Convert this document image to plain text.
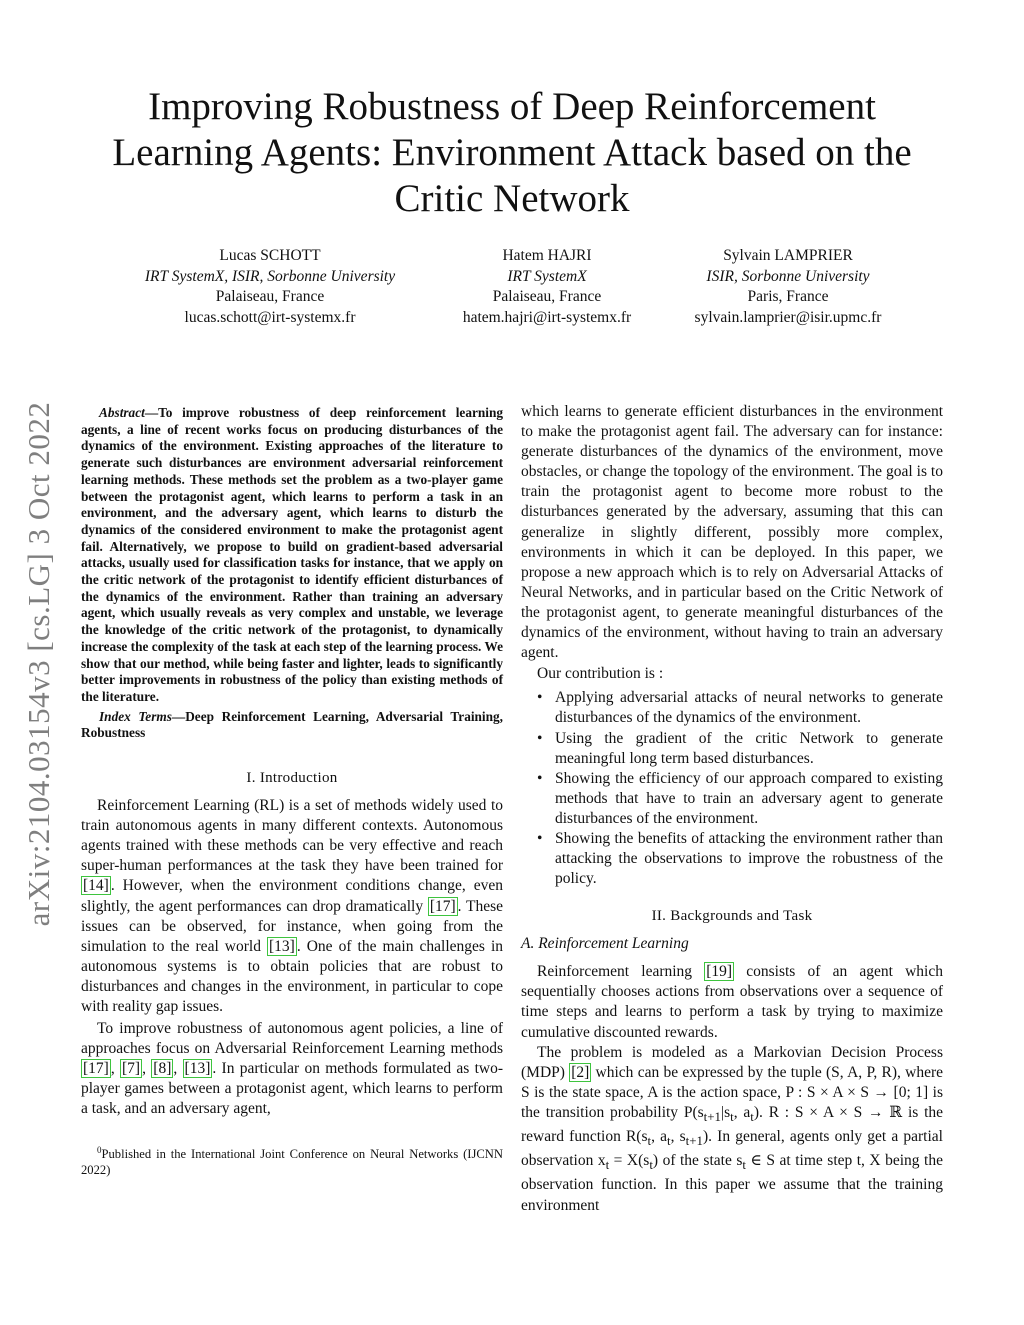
arXiv:2104.03154v3 [cs.LG] 3 Oct 2022
Improving Robustness of Deep Reinforcement Learning Agents: Environment Attack based on the Critic Network
Lucas SCHOTT
IRT SystemX, ISIR, Sorbonne University
Palaiseau, France
lucas.schott@irt-systemx.fr
Hatem HAJRI
IRT SystemX
Palaiseau, France
hatem.hajri@irt-systemx.fr
Sylvain LAMPRIER
ISIR, Sorbonne University
Paris, France
sylvain.lamprier@isir.upmc.fr

Abstract—To improve robustness of deep reinforcement learning agents, a line of recent works focus on producing disturbances of the dynamics of the environment. Existing approaches of the literature to generate such disturbances are environment adversarial reinforcement learning methods. These methods set the problem as a two-player game between the protagonist agent, which learns to perform a task in an environment, and the adversary agent, which learns to disturb the dynamics of the considered environment to make the protagonist agent fail. Alternatively, we propose to build on gradient-based adversarial attacks, usually used for classification tasks for instance, that we apply on the critic network of the protagonist to identify efficient disturbances of the dynamics of the environment. Rather than training an adversary agent, which usually reveals as very complex and unstable, we leverage the knowledge of the critic network of the protagonist, to dynamically increase the complexity of the task at each step of the learning process. We show that our method, while being faster and lighter, leads to significantly better improvements in robustness of the policy than existing methods of the literature.

Index Terms—Deep Reinforcement Learning, Adversarial Training, Robustness

I. Introduction

Reinforcement Learning (RL) is a set of methods widely used to train autonomous agents in many different contexts. Autonomous agents trained with these methods can be very effective and reach super-human performances at the task they have been trained for [14] . However, when the environment conditions change, even slightly, the agent performances can drop dramatically [17] . These issues can be observed, for instance, when going from the simulation to the real world [13] . One of the main challenges in autonomous systems is to obtain policies that are robust to disturbances and changes in the environment, in particular to cope with reality gap issues.

To improve robustness of autonomous agent policies, a line of approaches focus on Adversarial Reinforcement Learning methods [17] , [7] , [8] , [13] . In particular on methods formulated as two-player games between a protagonist agent, which learns to perform a task, and an adversary agent,

$^0$Published in the International Joint Conference on Neural Networks (IJCNN 2022)

which learns to generate efficient disturbances in the environment to make the protagonist agent fail. The adversary can for instance: generate disturbances of the dynamics of the environment, move obstacles, or change the topology of the environment. The goal is to train the protagonist agent to become more robust to the disturbances generated by the adversary, assuming that this can generalize in slightly different, possibly more complex, environments in which it can be deployed. In this paper, we propose a new approach which is to rely on Adversarial Attacks of Neural Networks, and in particular based on the Critic Network of the protagonist agent, to generate meaningful disturbances of the dynamics of the environment, without having to train an adversary agent.

Our contribution is :

• Applying adversarial attacks of neural networks to generate disturbances of the dynamics of the environment.
• Using the gradient of the critic Network to generate meaningful long term based disturbances.
• Showing the efficiency of our approach compared to existing methods that have to train an adversary agent to generate disturbances of the environment.
• Showing the benefits of attacking the environment rather than attacking the observations to improve the robustness of the policy.
II. Backgrounds and Task
A. Reinforcement Learning

Reinforcement learning [19] consists of an agent which sequentially chooses actions from observations over a sequence of time steps and learns to perform a task by trying to maximize cumulative discounted rewards.

The problem is modeled as a Markovian Decision Process (MDP) [2] which can be expressed by the tuple (S, A, P, R), where S is the state space, A is the action space, P : S × A × S → [0; 1] is the transition probability $P(s_{t+1}|s_t$, $a_t$). R : S × A × S → ℝ is the reward function $R(s_t$, $a_t$, $s_{t+1}$). In general, agents only get a partial observation $x_t = X(s_t)$ of the state $s_t$ ∈ S at time step t, X being the observation function. In this paper we assume that the training environment
